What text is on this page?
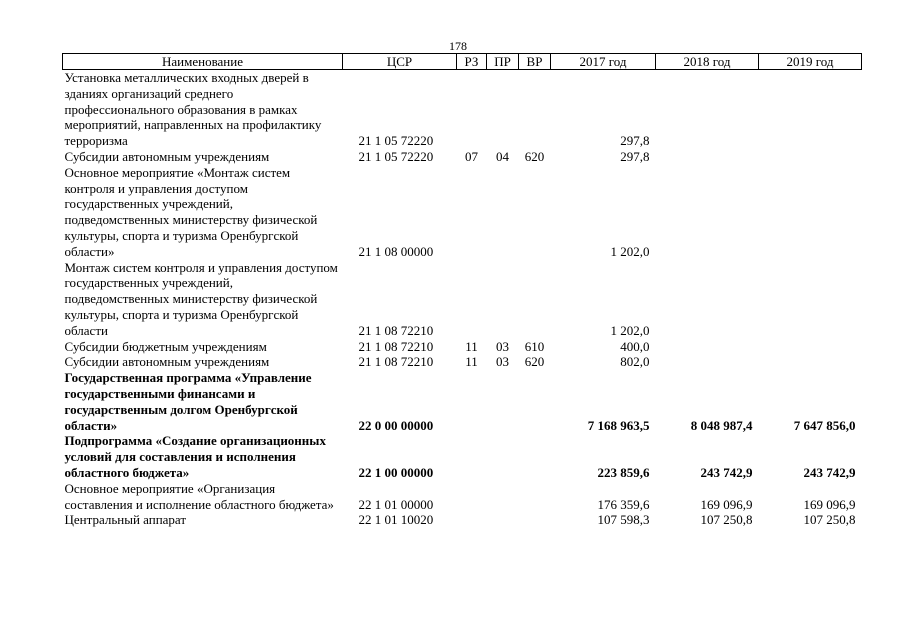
178
Наименование	ЦСР	РЗ	ПР	ВР	2017 год	2018 год	2019 год
Установка металлических входных дверей в зданиях организаций среднего профессионального образования в рамках мероприятий, направленных на профилактику терроризма	21 1 05 72220				297,8		
Субсидии автономным учреждениям	21 1 05 72220	07	04	620	297,8		
Основное мероприятие «Монтаж систем контроля и управления доступом государственных учреждений, подведомственных министерству физической культуры, спорта и туризма Оренбургской области»	21 1 08 00000				1 202,0		
Монтаж систем контроля и управления доступом государственных учреждений, подведомственных министерству физической культуры, спорта и туризма Оренбургской области	21 1 08 72210				1 202,0		
Субсидии бюджетным учреждениям	21 1 08 72210	11	03	610	400,0		
Субсидии автономным учреждениям	21 1 08 72210	11	03	620	802,0		
Государственная программа «Управление государственными финансами и государственным долгом Оренбургской области»	22 0 00 00000				7 168 963,5	8 048 987,4	7 647 856,0
Подпрограмма «Создание организационных условий для составления и исполнения областного бюджета»	22 1 00 00000				223 859,6	243 742,9	243 742,9
Основное мероприятие «Организация составления и исполнение областного бюджета»	22 1 01 00000				176 359,6	169 096,9	169 096,9
Центральный аппарат	22 1 01 10020				107 598,3	107 250,8	107 250,8
